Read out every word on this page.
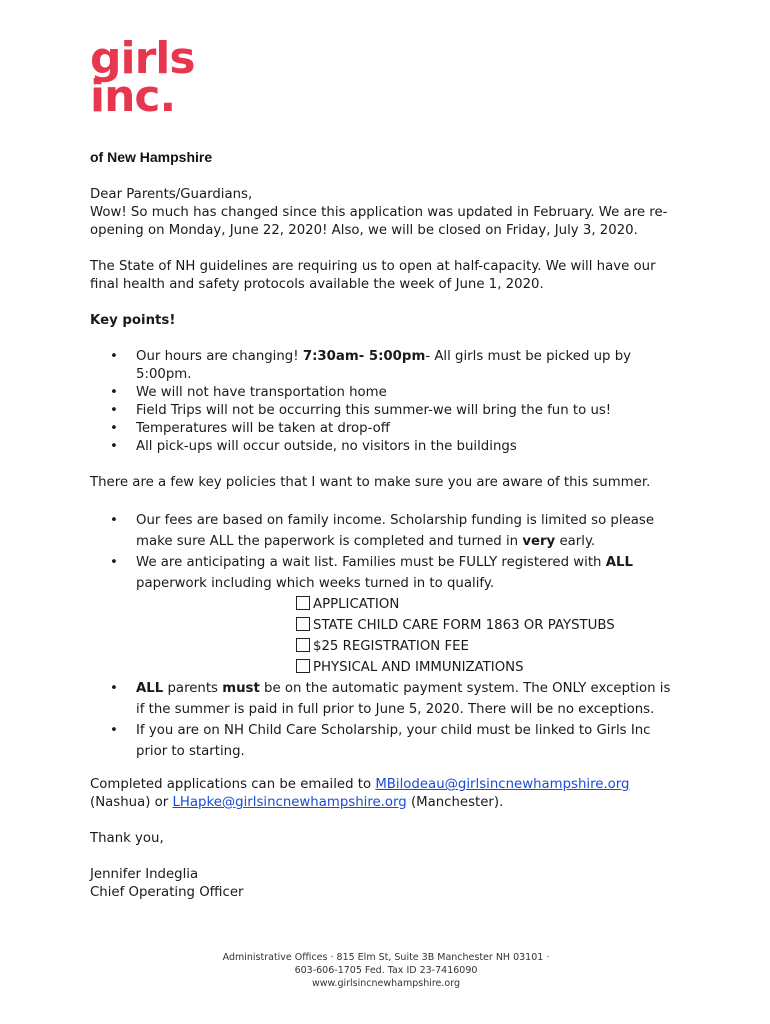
girls
inc.
of New Hampshire

Dear Parents/Guardians,

Wow! So much has changed since this application was updated in February. We are re-opening on Monday, June 22, 2020! Also, we will be closed on Friday, July 3, 2020.

The State of NH guidelines are requiring us to open at half-capacity. We will have our final health and safety protocols available the week of June 1, 2020.

Key points!

• Our hours are changing! 7:30am- 5:00pm- All girls must be picked up by 5:00pm.
• We will not have transportation home
• Field Trips will not be occurring this summer-we will bring the fun to us!
• Temperatures will be taken at drop-off
• All pick-ups will occur outside, no visitors in the buildings

There are a few key policies that I want to make sure you are aware of this summer.

• Our fees are based on family income. Scholarship funding is limited so please make sure ALL the paperwork is completed and turned in very early.
• We are anticipating a wait list. Families must be FULLY registered with ALL paperwork including which weeks turned in to qualify.
APPLICATION
STATE CHILD CARE FORM 1863 OR PAYSTUBS
$25 REGISTRATION FEE
PHYSICAL AND IMMUNIZATIONS
• ALL parents must be on the automatic payment system. The ONLY exception is if the summer is paid in full prior to June 5, 2020. There will be no exceptions.
• If you are on NH Child Care Scholarship, your child must be linked to Girls Inc prior to starting.

Completed applications can be emailed to MBilodeau@girlsincnewhampshire.org (Nashua) or LHapke@girlsincnewhampshire.org (Manchester).

Thank you,

Jennifer Indeglia

Chief Operating Officer

Administrative Offices · 815 Elm St, Suite 3B Manchester NH 03101 ·
603-606-1705 Fed. Tax ID 23-7416090
www.girlsincnewhampshire.org
